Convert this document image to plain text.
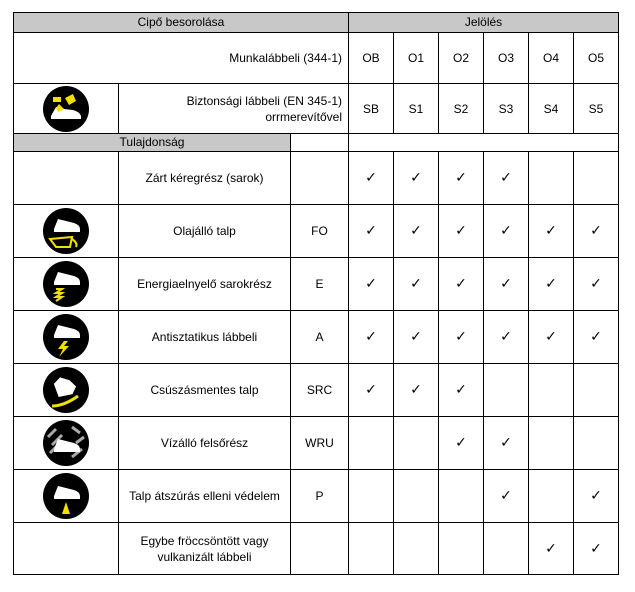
Cipő besorolása			Jelölés					
Munkalábbeli (344-1)			OB	O1	O2	O3	O4	O5

	Biztonsági lábbeli (EN 345-1) orrmerevítővel		SB	S1	S2	S3	S4	S5
Tulajdonság								
	Zárt kéregrész (sarok)		✓	✓	✓	✓		

	Olajálló talp	FO	✓	✓	✓	✓	✓	✓

	Energiaelnyelő sarokrész	E	✓	✓	✓	✓	✓	✓

	Antisztatikus lábbeli	A	✓	✓	✓	✓	✓	✓

	Csúszásmentes talp	SRC	✓	✓	✓			

	Vízálló felsőrész	WRU			✓	✓		

	Talp átszúrás elleni védelem	P				✓		✓
	Egybe fröccsöntött vagy vulkanizált lábbeli						✓	✓
